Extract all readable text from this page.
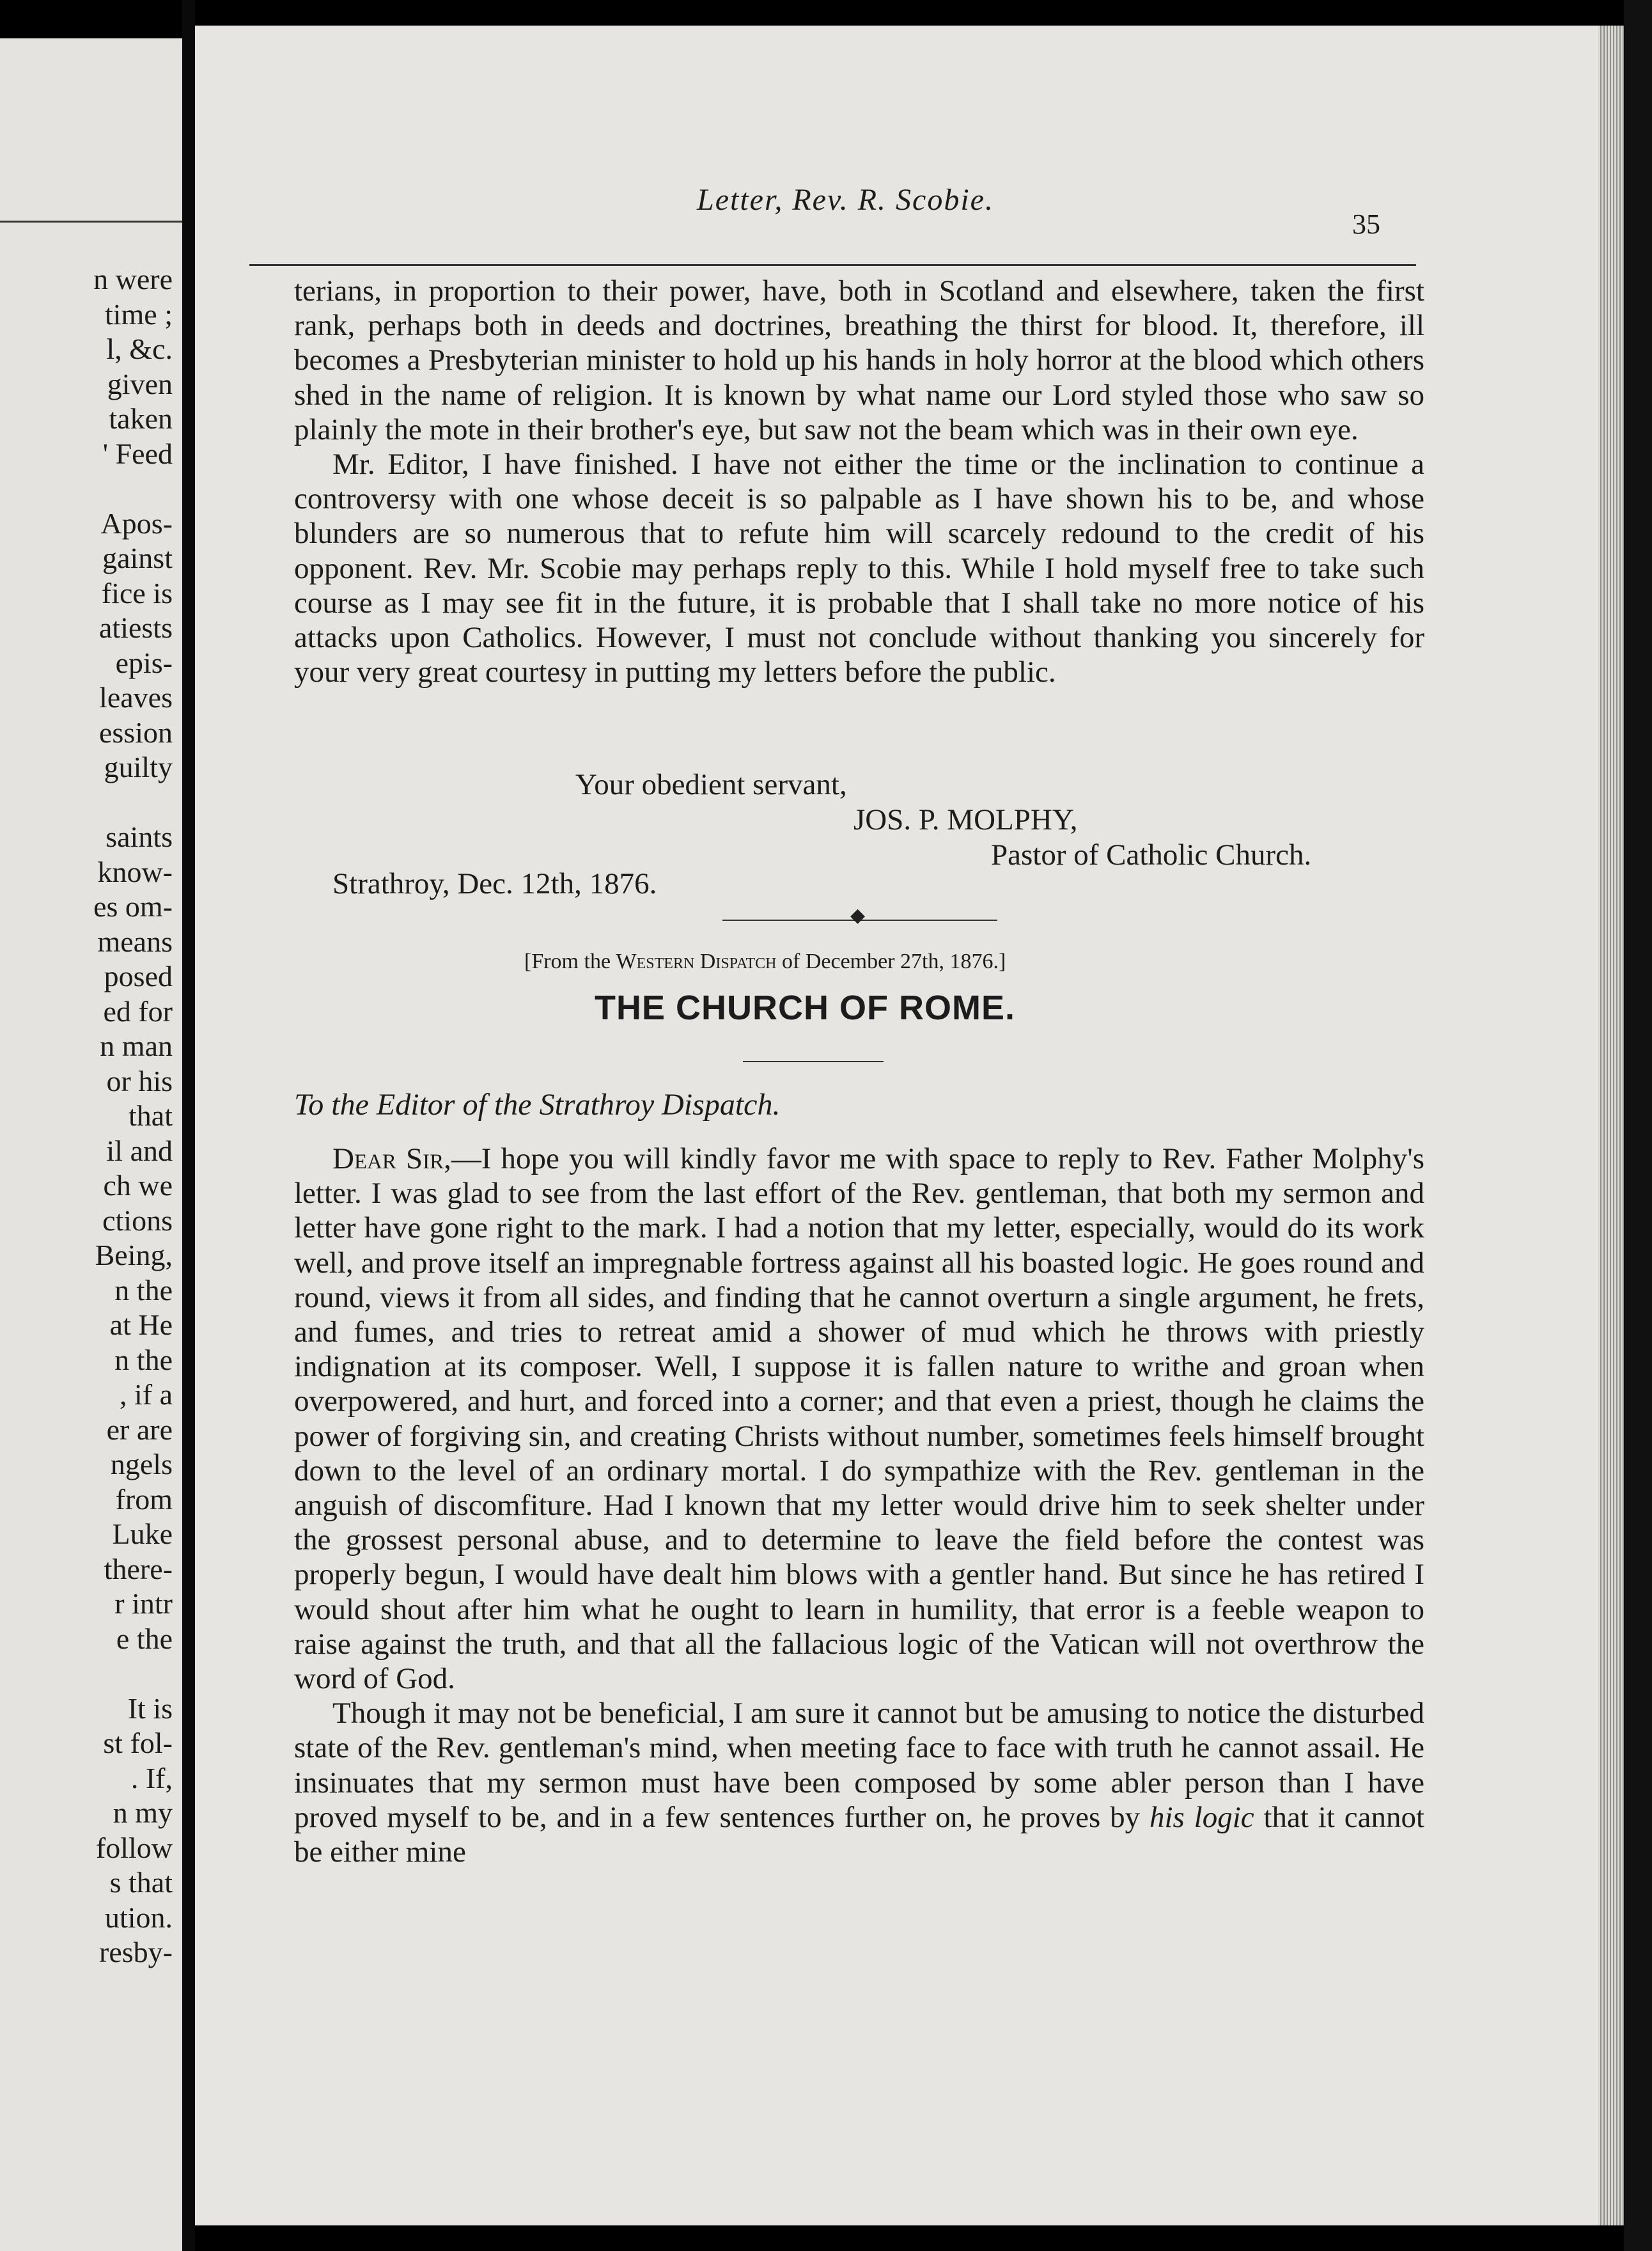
n were
time ;
l, &c.
given
taken
' Feed

Apos-
gainst
fice is
atiests
epis-
leaves
ession
guilty

saints
know-
es om-
means
posed
ed for
n man
or his
that
il and
ch we
ctions
Being,
n the
at He
n the
, if a
er are
ngels
from
Luke
there-
r intr
e the

It is
st fol-
. If,
n my
follow
s that
ution.
resby-
Letter, Rev. R. Scobie.
35

terians, in proportion to their power, have, both in Scotland and elsewhere, taken the first rank, perhaps both in deeds and doctrines, breathing the thirst for blood. It, therefore, ill becomes a Presbyterian minister to hold up his hands in holy horror at the blood which others shed in the name of religion. It is known by what name our Lord styled those who saw so plainly the mote in their brother's eye, but saw not the beam which was in their own eye.

Mr. Editor, I have finished. I have not either the time or the inclination to continue a controversy with one whose deceit is so palpable as I have shown his to be, and whose blunders are so numerous that to refute him will scarcely redound to the credit of his opponent. Rev. Mr. Scobie may perhaps reply to this. While I hold myself free to take such course as I may see fit in the future, it is probable that I shall take no more notice of his attacks upon Catholics. However, I must not conclude without thanking you sincerely for your very great courtesy in putting my letters before the public.

Your obedient servant,
JOS. P. MOLPHY,
Pastor of Catholic Church.
Strathroy, Dec. 12th, 1876.
◆
[From the Western Dispatch of December 27th, 1876.]
THE CHURCH OF ROME.
To the Editor of the Strathroy Dispatch.

Dear Sir,—I hope you will kindly favor me with space to reply to Rev. Father Molphy's letter. I was glad to see from the last effort of the Rev. gentleman, that both my sermon and letter have gone right to the mark. I had a notion that my letter, especially, would do its work well, and prove itself an impregnable fortress against all his boasted logic. He goes round and round, views it from all sides, and finding that he cannot overturn a single argument, he frets, and fumes, and tries to retreat amid a shower of mud which he throws with priestly indignation at its composer. Well, I suppose it is fallen nature to writhe and groan when overpowered, and hurt, and forced into a corner; and that even a priest, though he claims the power of forgiving sin, and creating Christs without number, sometimes feels himself brought down to the level of an ordinary mortal. I do sympathize with the Rev. gentleman in the anguish of discomfiture. Had I known that my letter would drive him to seek shelter under the grossest personal abuse, and to determine to leave the field before the contest was properly begun, I would have dealt him blows with a gentler hand. But since he has retired I would shout after him what he ought to learn in humility, that error is a feeble weapon to raise against the truth, and that all the fallacious logic of the Vatican will not overthrow the word of God.

Though it may not be beneficial, I am sure it cannot but be amusing to notice the disturbed state of the Rev. gentleman's mind, when meeting face to face with truth he cannot assail. He insinuates that my sermon must have been composed by some abler person than I have proved myself to be, and in a few sentences further on, he proves by his logic that it cannot be either mine
